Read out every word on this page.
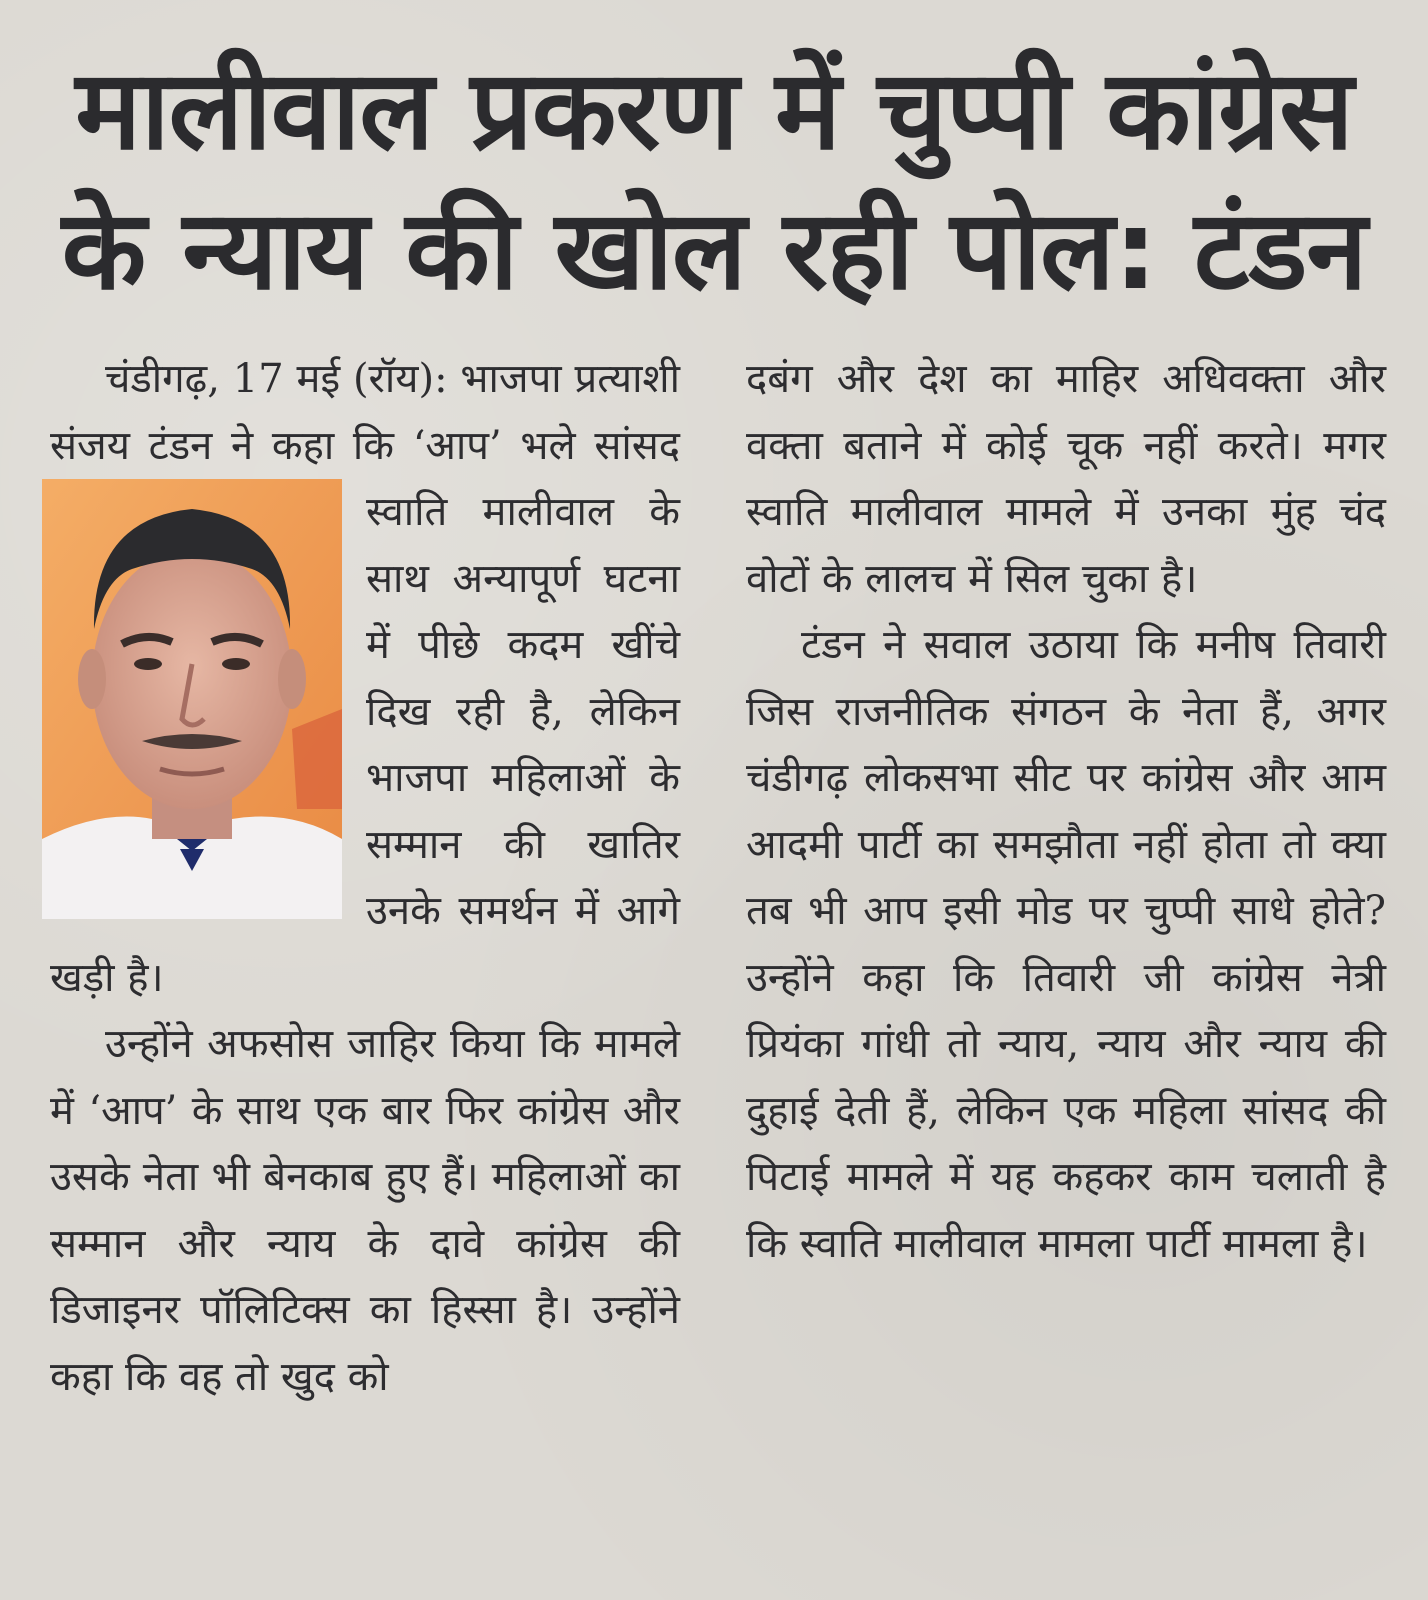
मालीवाल प्रकरण में चुप्पी कांग्रेस
के न्याय की खोल रही पोल: टंडन

चंडीगढ़, 17 मई (रॉय): भाजपा प्रत्याशी संजय टंडन ने कहा कि
‘आप’ भले सांसद स्वाति मालीवाल के साथ अन्यापूर्ण घटना में पीछे कदम खींचे दिख रही है, लेकिन भाजपा महिलाओं के सम्मान की खातिर उनके समर्थन में आगे खड़ी है।

उन्होंने अफसोस जाहिर किया कि मामले में ‘आप’ के साथ एक बार फिर कांग्रेस और उसके नेता भी बेनकाब हुए हैं। महिलाओं का सम्मान और न्याय के दावे कांग्रेस की डिजाइनर पॉलिटिक्स का हिस्सा है। उन्होंने कहा कि वह तो खुद को

दबंग और देश का माहिर अधिवक्ता और वक्ता बताने में कोई चूक नहीं करते। मगर स्वाति मालीवाल मामले में उनका मुंह चंद वोटों के लालच में सिल चुका है।

टंडन ने सवाल उठाया कि मनीष तिवारी जिस राजनीतिक संगठन के नेता हैं, अगर चंडीगढ़ लोकसभा सीट पर कांग्रेस और आम आदमी पार्टी का समझौता नहीं होता तो क्या तब भी आप इसी मोड पर चुप्पी साधे होते? उन्होंने कहा कि तिवारी जी कांग्रेस नेत्री प्रियंका गांधी तो न्याय, न्याय और न्याय की दुहाई देती हैं, लेकिन एक महिला सांसद की पिटाई मामले में यह कहकर काम चलाती है कि स्वाति मालीवाल मामला पार्टी मामला है।
